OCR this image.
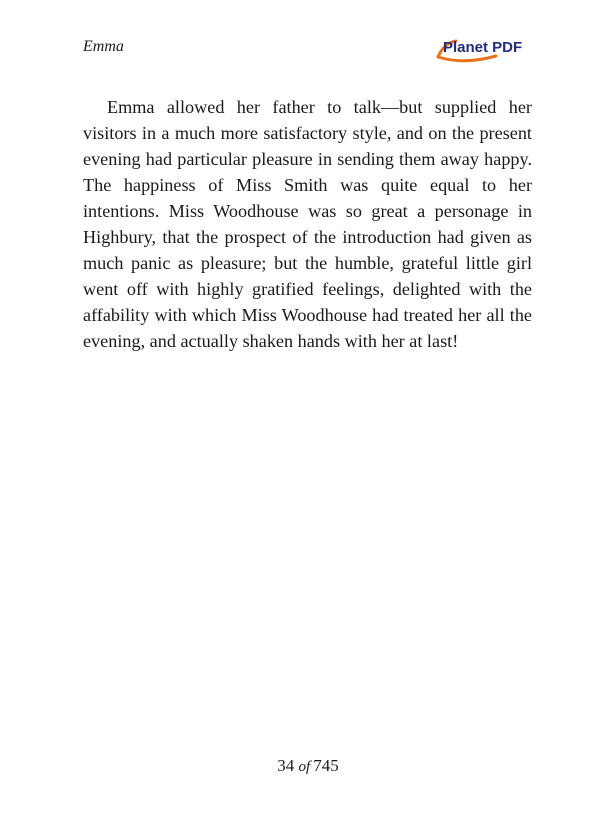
Emma	Planet PDF

Emma allowed her father to talk—but supplied her visitors in a much more satisfactory style, and on the present evening had particular pleasure in sending them away happy. The happiness of Miss Smith was quite equal to her intentions. Miss Woodhouse was so great a personage in Highbury, that the prospect of the introduction had given as much panic as pleasure; but the humble, grateful little girl went off with highly gratified feelings, delighted with the affability with which Miss Woodhouse had treated her all the evening, and actually shaken hands with her at last!

34 of 745
